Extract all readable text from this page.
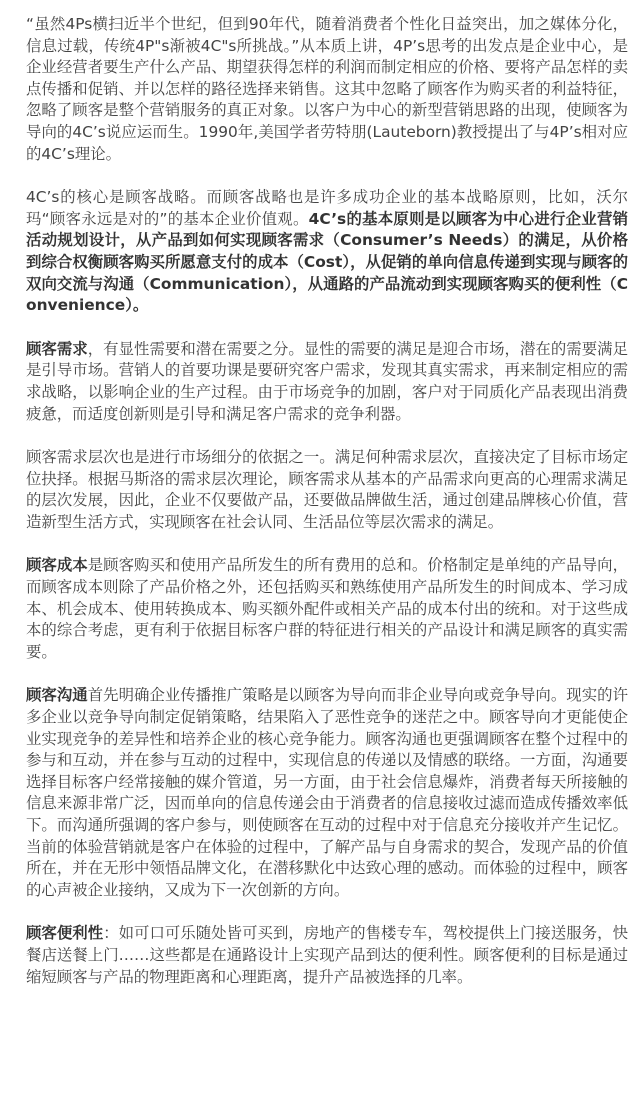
“虽然4Ps横扫近半个世纪，但到90年代，随着消费者个性化日益突出，加之媒体分化，信息过载，传统4P"s渐被4C"s所挑战。”从本质上讲，4P’s思考的出发点是企业中心，是企业经营者要生产什么产品、期望获得怎样的利润而制定相应的价格、要将产品怎样的卖点传播和促销、并以怎样的路径选择来销售。这其中忽略了顾客作为购买者的利益特征，忽略了顾客是整个营销服务的真正对象。以客户为中心的新型营销思路的出现，使顾客为导向的4C’s说应运而生。1990年,美国学者劳特朋(Lauteborn)教授提出了与4P’s相对应的4C’s理论。

4C’s的核心是顾客战略。而顾客战略也是许多成功企业的基本战略原则，比如，沃尔玛“顾客永远是对的”的基本企业价值观。4C’s的基本原则是以顾客为中心进行企业营销活动规划设计，从产品到如何实现顾客需求（Consumer’s Needs）的满足，从价格到综合权衡顾客购买所愿意支付的成本（Cost），从促销的单向信息传递到实现与顾客的双向交流与沟通（Communication），从通路的产品流动到实现顾客购买的便利性（Convenience）。

顾客需求，有显性需要和潜在需要之分。显性的需要的满足是迎合市场，潜在的需要满足是引导市场。营销人的首要功课是要研究客户需求，发现其真实需求，再来制定相应的需求战略，以影响企业的生产过程。由于市场竞争的加剧，客户对于同质化产品表现出消费疲惫，而适度创新则是引导和满足客户需求的竞争利器。

顾客需求层次也是进行市场细分的依据之一。满足何种需求层次，直接决定了目标市场定位抉择。根据马斯洛的需求层次理论，顾客需求从基本的产品需求向更高的心理需求满足的层次发展，因此，企业不仅要做产品，还要做品牌做生活，通过创建品牌核心价值，营造新型生活方式，实现顾客在社会认同、生活品位等层次需求的满足。

顾客成本是顾客购买和使用产品所发生的所有费用的总和。价格制定是单纯的产品导向，而顾客成本则除了产品价格之外，还包括购买和熟练使用产品所发生的时间成本、学习成本、机会成本、使用转换成本、购买额外配件或相关产品的成本付出的统和。对于这些成本的综合考虑，更有利于依据目标客户群的特征进行相关的产品设计和满足顾客的真实需要。

顾客沟通首先明确企业传播推广策略是以顾客为导向而非企业导向或竞争导向。现实的许多企业以竞争导向制定促销策略，结果陷入了恶性竞争的迷茫之中。顾客导向才更能使企业实现竞争的差异性和培养企业的核心竞争能力。顾客沟通也更强调顾客在整个过程中的参与和互动，并在参与互动的过程中，实现信息的传递以及情感的联络。一方面，沟通要选择目标客户经常接触的媒介管道，另一方面，由于社会信息爆炸，消费者每天所接触的信息来源非常广泛，因而单向的信息传递会由于消费者的信息接收过滤而造成传播效率低下。而沟通所强调的客户参与，则使顾客在互动的过程中对于信息充分接收并产生记忆。当前的体验营销就是客户在体验的过程中，了解产品与自身需求的契合，发现产品的价值所在，并在无形中领悟品牌文化，在潜移默化中达致心理的感动。而体验的过程中，顾客的心声被企业接纳，又成为下一次创新的方向。

顾客便利性：如可口可乐随处皆可买到，房地产的售楼专车，驾校提供上门接送服务，快餐店送餐上门……这些都是在通路设计上实现产品到达的便利性。顾客便利的目标是通过缩短顾客与产品的物理距离和心理距离，提升产品被选择的几率。
